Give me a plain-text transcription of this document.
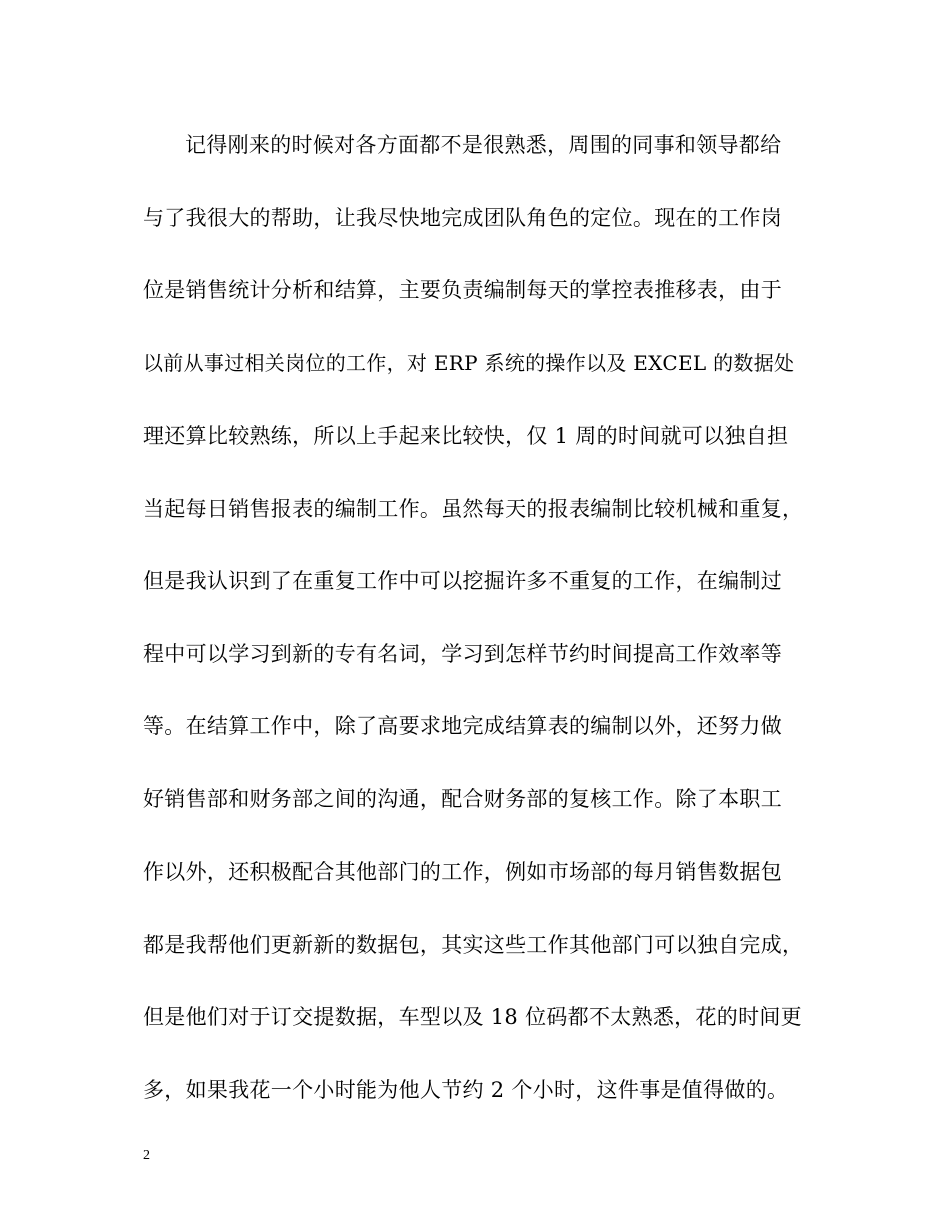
记得刚来的时候对各方面都不是很熟悉，周围的同事和领导都给
与了我很大的帮助，让我尽快地完成团队角色的定位。现在的工作岗
位是销售统计分析和结算，主要负责编制每天的掌控表推移表，由于
以前从事过相关岗位的工作，对 ERP 系统的操作以及 EXCEL 的数据处
理还算比较熟练，所以上手起来比较快，仅 1 周的时间就可以独自担
当起每日销售报表的编制工作。虽然每天的报表编制比较机械和重复，
但是我认识到了在重复工作中可以挖掘许多不重复的工作，在编制过
程中可以学习到新的专有名词，学习到怎样节约时间提高工作效率等
等。在结算工作中，除了高要求地完成结算表的编制以外，还努力做
好销售部和财务部之间的沟通，配合财务部的复核工作。除了本职工
作以外，还积极配合其他部门的工作，例如市场部的每月销售数据包
都是我帮他们更新新的数据包，其实这些工作其他部门可以独自完成，
但是他们对于订交提数据，车型以及 18 位码都不太熟悉，花的时间更
多，如果我花一个小时能为他人节约 2 个小时，这件事是值得做的。
2
